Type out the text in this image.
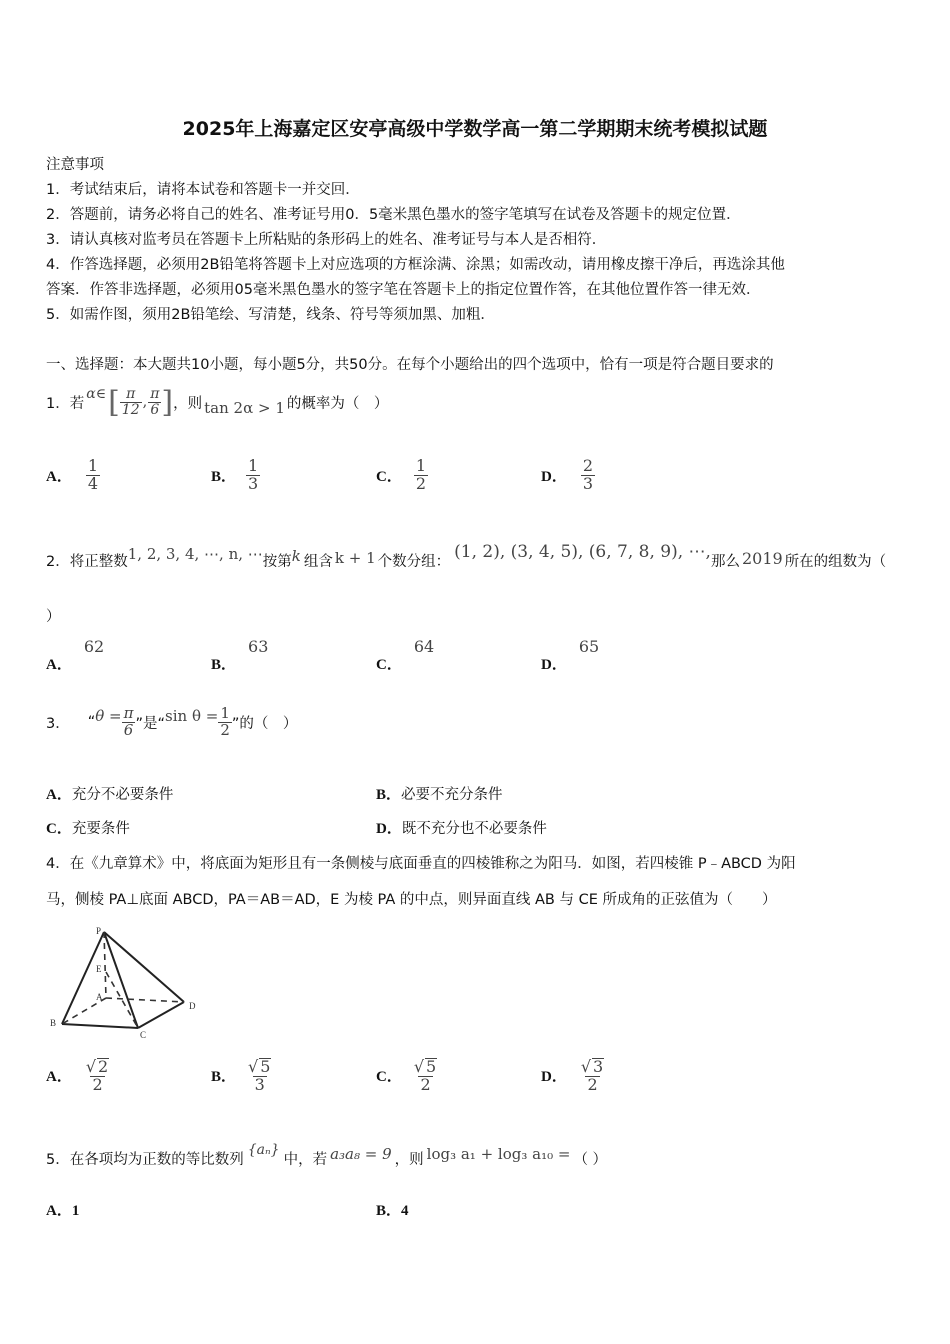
2025年上海嘉定区安亭高级中学数学高一第二学期期末统考模拟试题
注意事项
1．考试结束后，请将本试卷和答题卡一并交回．
2．答题前，请务必将自己的姓名、准考证号用0．5毫米黑色墨水的签字笔填写在试卷及答题卡的规定位置．
3．请认真核对监考员在答题卡上所粘贴的条形码上的姓名、准考证号与本人是否相符．
4．作答选择题，必须用2B铅笔将答题卡上对应选项的方框涂满、涂黑；如需改动，请用橡皮擦干净后，再选涂其他
答案．作答非选择题，必须用05毫米黑色墨水的签字笔在答题卡上的指定位置作答，在其他位置作答一律无效．
5．如需作图，须用2B铅笔绘、写清楚，线条、符号等须加黑、加粗．
一、选择题：本大题共10小题，每小题5分，共50分。在每个小题给出的四个选项中，恰有一项是符合题目要求的
1． 若
α∈ [ $\frac{\pi}{12}$ , $\frac{\pi}{6}$ ] ，则 tan 2α > 1 的概率为（　）
A． $\frac{1}{4}$	B． $\frac{1}{3}$	C． $\frac{1}{2}$	D． $\frac{2}{3}$
2． 将正整数 1, 2, 3, 4, ⋯, n, ⋯ 按第 k 组含 k + 1 个数分组： (1, 2), (3, 4, 5), (6, 7, 8, 9), ⋯, 那么 2019 所在的组数为（
）
A．
62
B．
63
C．
64
D．
65
3． “ $\theta = \frac{\pi}{6}$ ”是“ $\sin \theta = \frac{1}{2}$ ”的（　）
A．充分不必要条件	B．必要不充分条件
C．充要条件	D．既不充分也不必要条件
4．在《九章算术》中，将底面为矩形且有一条侧棱与底面垂直的四棱锥称之为阳马．如图，若四棱锥 P﹣ABCD 为阳
马，侧棱 PA⊥底面 ABCD，PA＝AB＝AD，E 为棱 PA 的中点，则异面直线 AB 与 CE 所成角的正弦值为（　　）
P
E
A
B
C
D
A． $\frac{√ 2}{2}$	B． $\frac{√ 5}{3}$	C． $\frac{√ 5}{2}$	D． $\frac{√ 3}{2}$
5． 在各项均为正数的等比数列
{aₙ}
中，若 a₃a₈ = 9 ，则 log₃ a₁ + log₃ a₁₀ = （ ）
A．1	B．4
